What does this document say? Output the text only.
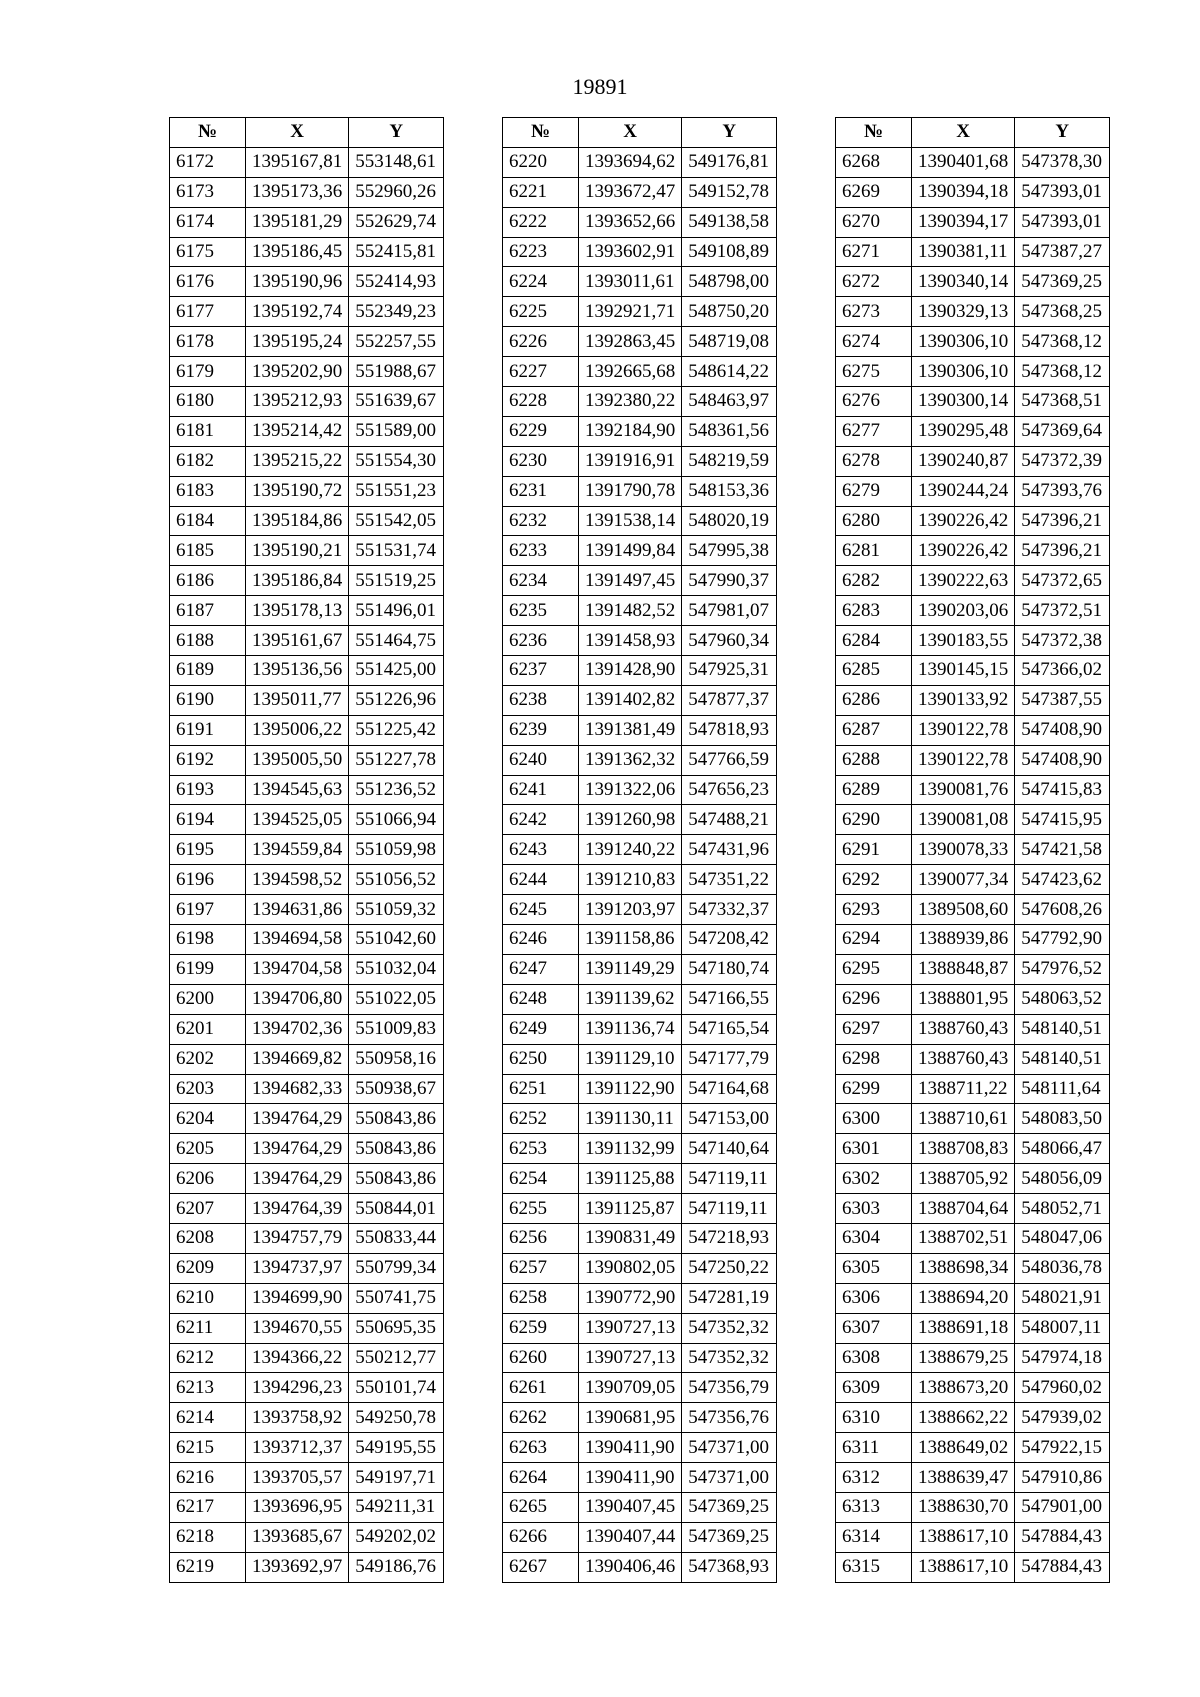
19891
№	X	Y
6172	1395167,81	553148,61
6173	1395173,36	552960,26
6174	1395181,29	552629,74
6175	1395186,45	552415,81
6176	1395190,96	552414,93
6177	1395192,74	552349,23
6178	1395195,24	552257,55
6179	1395202,90	551988,67
6180	1395212,93	551639,67
6181	1395214,42	551589,00
6182	1395215,22	551554,30
6183	1395190,72	551551,23
6184	1395184,86	551542,05
6185	1395190,21	551531,74
6186	1395186,84	551519,25
6187	1395178,13	551496,01
6188	1395161,67	551464,75
6189	1395136,56	551425,00
6190	1395011,77	551226,96
6191	1395006,22	551225,42
6192	1395005,50	551227,78
6193	1394545,63	551236,52
6194	1394525,05	551066,94
6195	1394559,84	551059,98
6196	1394598,52	551056,52
6197	1394631,86	551059,32
6198	1394694,58	551042,60
6199	1394704,58	551032,04
6200	1394706,80	551022,05
6201	1394702,36	551009,83
6202	1394669,82	550958,16
6203	1394682,33	550938,67
6204	1394764,29	550843,86
6205	1394764,29	550843,86
6206	1394764,29	550843,86
6207	1394764,39	550844,01
6208	1394757,79	550833,44
6209	1394737,97	550799,34
6210	1394699,90	550741,75
6211	1394670,55	550695,35
6212	1394366,22	550212,77
6213	1394296,23	550101,74
6214	1393758,92	549250,78
6215	1393712,37	549195,55
6216	1393705,57	549197,71
6217	1393696,95	549211,31
6218	1393685,67	549202,02
6219	1393692,97	549186,76
№	X	Y
6220	1393694,62	549176,81
6221	1393672,47	549152,78
6222	1393652,66	549138,58
6223	1393602,91	549108,89
6224	1393011,61	548798,00
6225	1392921,71	548750,20
6226	1392863,45	548719,08
6227	1392665,68	548614,22
6228	1392380,22	548463,97
6229	1392184,90	548361,56
6230	1391916,91	548219,59
6231	1391790,78	548153,36
6232	1391538,14	548020,19
6233	1391499,84	547995,38
6234	1391497,45	547990,37
6235	1391482,52	547981,07
6236	1391458,93	547960,34
6237	1391428,90	547925,31
6238	1391402,82	547877,37
6239	1391381,49	547818,93
6240	1391362,32	547766,59
6241	1391322,06	547656,23
6242	1391260,98	547488,21
6243	1391240,22	547431,96
6244	1391210,83	547351,22
6245	1391203,97	547332,37
6246	1391158,86	547208,42
6247	1391149,29	547180,74
6248	1391139,62	547166,55
6249	1391136,74	547165,54
6250	1391129,10	547177,79
6251	1391122,90	547164,68
6252	1391130,11	547153,00
6253	1391132,99	547140,64
6254	1391125,88	547119,11
6255	1391125,87	547119,11
6256	1390831,49	547218,93
6257	1390802,05	547250,22
6258	1390772,90	547281,19
6259	1390727,13	547352,32
6260	1390727,13	547352,32
6261	1390709,05	547356,79
6262	1390681,95	547356,76
6263	1390411,90	547371,00
6264	1390411,90	547371,00
6265	1390407,45	547369,25
6266	1390407,44	547369,25
6267	1390406,46	547368,93
№	X	Y
6268	1390401,68	547378,30
6269	1390394,18	547393,01
6270	1390394,17	547393,01
6271	1390381,11	547387,27
6272	1390340,14	547369,25
6273	1390329,13	547368,25
6274	1390306,10	547368,12
6275	1390306,10	547368,12
6276	1390300,14	547368,51
6277	1390295,48	547369,64
6278	1390240,87	547372,39
6279	1390244,24	547393,76
6280	1390226,42	547396,21
6281	1390226,42	547396,21
6282	1390222,63	547372,65
6283	1390203,06	547372,51
6284	1390183,55	547372,38
6285	1390145,15	547366,02
6286	1390133,92	547387,55
6287	1390122,78	547408,90
6288	1390122,78	547408,90
6289	1390081,76	547415,83
6290	1390081,08	547415,95
6291	1390078,33	547421,58
6292	1390077,34	547423,62
6293	1389508,60	547608,26
6294	1388939,86	547792,90
6295	1388848,87	547976,52
6296	1388801,95	548063,52
6297	1388760,43	548140,51
6298	1388760,43	548140,51
6299	1388711,22	548111,64
6300	1388710,61	548083,50
6301	1388708,83	548066,47
6302	1388705,92	548056,09
6303	1388704,64	548052,71
6304	1388702,51	548047,06
6305	1388698,34	548036,78
6306	1388694,20	548021,91
6307	1388691,18	548007,11
6308	1388679,25	547974,18
6309	1388673,20	547960,02
6310	1388662,22	547939,02
6311	1388649,02	547922,15
6312	1388639,47	547910,86
6313	1388630,70	547901,00
6314	1388617,10	547884,43
6315	1388617,10	547884,43
